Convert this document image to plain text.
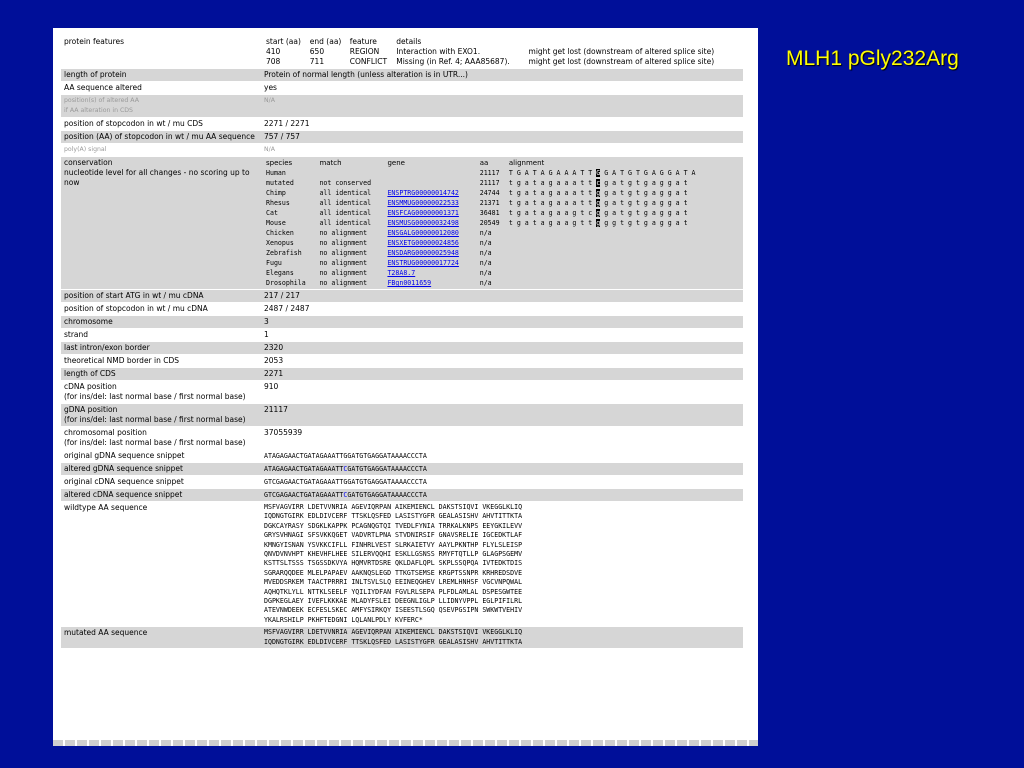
MLH1 pGly232Arg
protein features		start (aa)	end (aa)	feature	details	
410	650	REGION	Interaction with EXO1.	might get lost (downstream of altered splice site)
708	711	CONFLICT	Missing (in Ref. 4; AAA85687).	might get lost (downstream of altered splice site)

length of protein	Protein of normal length (unless alteration is in UTR...)

AA sequence altered	yes

position(s) of altered AA
if AA alteration in CDS
	N/A

position of stopcodon in wt / mu CDS	2271 / 2271

position (AA) of stopcodon in wt / mu AA sequence	757 / 757

poly(A) signal	N/A

conservation
nucleotide level for all changes - no scoring up to now

species	match	gene	aa	alignment
Human			21117	T G A T A G A A A T T G G A T G T G A G G A T A
mutated	not conserved		21117	t g a t a g a a a t t c g a t g t g a g g a t
Chimp	all identical	ENSPTRG00000014742	24744	t g a t a g a a a t t g g a t g t g a g g a t
Rhesus	all identical	ENSMMUG00000022533	21371	t g a t a g a a a t t g g a t g t g a g g a t
Cat	all identical	ENSFCAG00000001371	36481	t g a t a g a a g t c g g a t g t g a g g a t
Mouse	all identical	ENSMUSG00000032498	20549	t g a t a g a a g t t g g g t g t g a g g a t
Chicken	no alignment	ENSGALG00000012080	n/a	
Xenopus	no alignment	ENSXETG00000024856	n/a	
Zebrafish	no alignment	ENSDARG00000025948	n/a	
Fugu	no alignment	ENSTRUG00000017724	n/a	
Elegans	no alignment	T28A8.7	n/a	
Drosophila	no alignment	FBgn0011659	n/a	

position of start ATG in wt / mu cDNA	217 / 217

position of stopcodon in wt / mu cDNA	2487 / 2487

chromosome	3

strand	1

last intron/exon border	2320

theoretical NMD border in CDS	2053

length of CDS	2271

cDNA position
(for ins/del: last normal base / first normal base)
	910

gDNA position
(for ins/del: last normal base / first normal base)
	21117

chromosomal position
(for ins/del: last normal base / first normal base)
	37055939
original gDNA sequence snippet	ATAGAGAACTGATAGAAATTGGATGTGAGGATAAAACCCTA
altered gDNA sequence snippet	ATAGAGAACTGATAGAAATTCGATGTGAGGATAAAACCCTA
original cDNA sequence snippet	GTCGAGAACTGATAGAAATTGGATGTGAGGATAAAACCCTA
altered cDNA sequence snippet	GTCGAGAACTGATAGAAATTCGATGTGAGGATAAAACCCTA
wildtype AA sequence	MSFVAGVIRR LDETVVNRIA AGEVIQRPAN AIKEMIENCL DAKSTSIQVI VKEGGLKLIQ
IQDNGTGIRK EDLDIVCERF TTSKLQSFED LASISTYGFR GEALASISHV AHVTITTKTA
DGKCAYRASY SDGKLKAPPK PCAGNQGTQI TVEDLFYNIA TRRKALKNPS EEYGKILEVV
GRYSVHNAGI SFSVKKQGET VADVRTLPNA STVDNIRSIF GNAVSRELIE IGCEDKTLAF
KMNGYISNAN YSVKKCIFLL FINHRLVEST SLRKAIETVY AAYLPKNTHP FLYLSLEISP
QNVDVNVHPT KHEVHFLHEE SILERVQQHI ESKLLGSNSS RMYFTQTLLP GLAGPSGEMV
KSTTSLTSSS TSGSSDKVYA HQMVRTDSRE QKLDAFLQPL SKPLSSQPQA IVTEDKTDIS
SGRARQQDEE MLELPAPAEV AAKNQSLEGD TTKGTSEMSE KRGPTSSNPR KRHREDSDVE
MVEDDSRKEM TAACTPRRRI INLTSVLSLQ EEINEQGHEV LREMLHNHSF VGCVNPQWAL
AQHQTKLYLL NTTKLSEELF YQILIYDFAN FGVLRLSEPA PLFDLAMLAL DSPESGWTEE
DGPKEGLAEY IVEFLKKKAE MLADYFSLEI DEEGNLIGLP LLIDNYVPPL EGLPIFILRL
ATEVNWDEEK ECFESLSKEC AMFYSIRKQY ISEESTLSGQ QSEVPGSIPN SWKWTVEHIV
YKALRSHILP PKHFTEDGNI LQLANLPDLY KVFERC*

mutated AA sequence	MSFVAGVIRR LDETVVNRIA AGEVIQRPAN AIKEMIENCL DAKSTSIQVI VKEGGLKLIQ
IQDNGTGIRK EDLDIVCERF TTSKLQSFED LASISTYGFR GEALASISHV AHVTITTKTA
